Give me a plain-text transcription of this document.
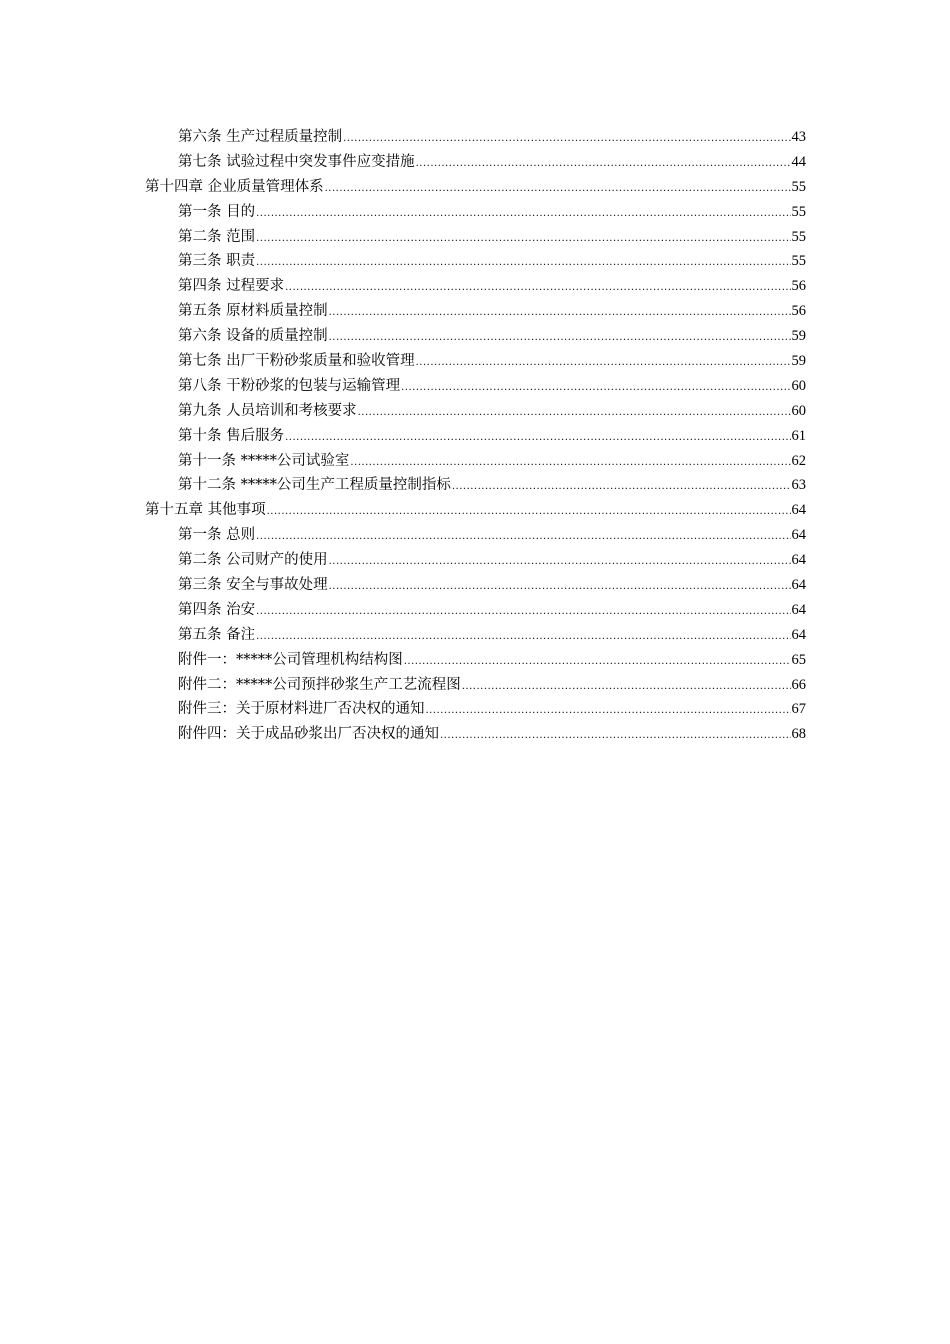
第六条 生产过程质量控制 .....	43
第七条 试验过程中突发事件应变措施 .....	44
第十四章 企业质量管理体系 .....	55
第一条 目的 .....	55
第二条 范围 .....	55
第三条 职责 .....	55
第四条 过程要求 .....	56
第五条 原材料质量控制 .....	56
第六条 设备的质量控制 .....	59
第七条 出厂干粉砂浆质量和验收管理 .....	59
第八条 干粉砂浆的包装与运输管理 .....	60
第九条 人员培训和考核要求 .....	60
第十条 售后服务 .....	61
第十一条 *****公司试验室 .....	62
第十二条 *****公司生产工程质量控制指标 .....	63
第十五章 其他事项 .....	64
第一条 总则 .....	64
第二条 公司财产的使用 .....	64
第三条 安全与事故处理 .....	64
第四条 治安 .....	64
第五条 备注 .....	64
附件一：*****公司管理机构结构图 .....	65
附件二：*****公司预拌砂浆生产工艺流程图 .....	66
附件三：关于原材料进厂否决权的通知 .....	67
附件四：关于成品砂浆出厂否决权的通知 .....	68
